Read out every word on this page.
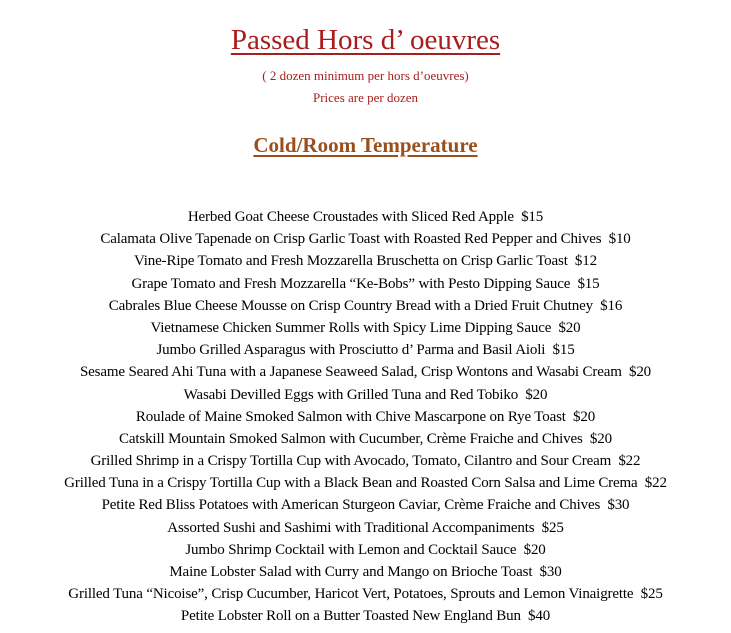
Passed Hors d’ oeuvres
( 2 dozen minimum per hors d’oeuvres)
Prices are per dozen
Cold/Room Temperature
Herbed Goat Cheese Croustades with Sliced Red Apple  $15
Calamata Olive Tapenade on Crisp Garlic Toast with Roasted Red Pepper and Chives  $10
Vine-Ripe Tomato and Fresh Mozzarella Bruschetta on Crisp Garlic Toast  $12
Grape Tomato and Fresh Mozzarella “Ke-Bobs” with Pesto Dipping Sauce  $15
Cabrales Blue Cheese Mousse on Crisp Country Bread with a Dried Fruit Chutney  $16
Vietnamese Chicken Summer Rolls with Spicy Lime Dipping Sauce  $20
Jumbo Grilled Asparagus with Prosciutto d’ Parma and Basil Aioli  $15
Sesame Seared Ahi Tuna with a Japanese Seaweed Salad, Crisp Wontons and Wasabi Cream  $20
Wasabi Devilled Eggs with Grilled Tuna and Red Tobiko  $20
Roulade of Maine Smoked Salmon with Chive Mascarpone on Rye Toast  $20
Catskill Mountain Smoked Salmon with Cucumber, Crème Fraiche and Chives  $20
Grilled Shrimp in a Crispy Tortilla Cup with Avocado, Tomato, Cilantro and Sour Cream  $22
Grilled Tuna in a Crispy Tortilla Cup with a Black Bean and Roasted Corn Salsa and Lime Crema  $22
Petite Red Bliss Potatoes with American Sturgeon Caviar, Crème Fraiche and Chives  $30
Assorted Sushi and Sashimi with Traditional Accompaniments  $25
Jumbo Shrimp Cocktail with Lemon and Cocktail Sauce  $20
Maine Lobster Salad with Curry and Mango on Brioche Toast  $30
Grilled Tuna “Nicoise”, Crisp Cucumber, Haricot Vert, Potatoes, Sprouts and Lemon Vinaigrette  $25
Petite Lobster Roll on a Butter Toasted New England Bun  $40
